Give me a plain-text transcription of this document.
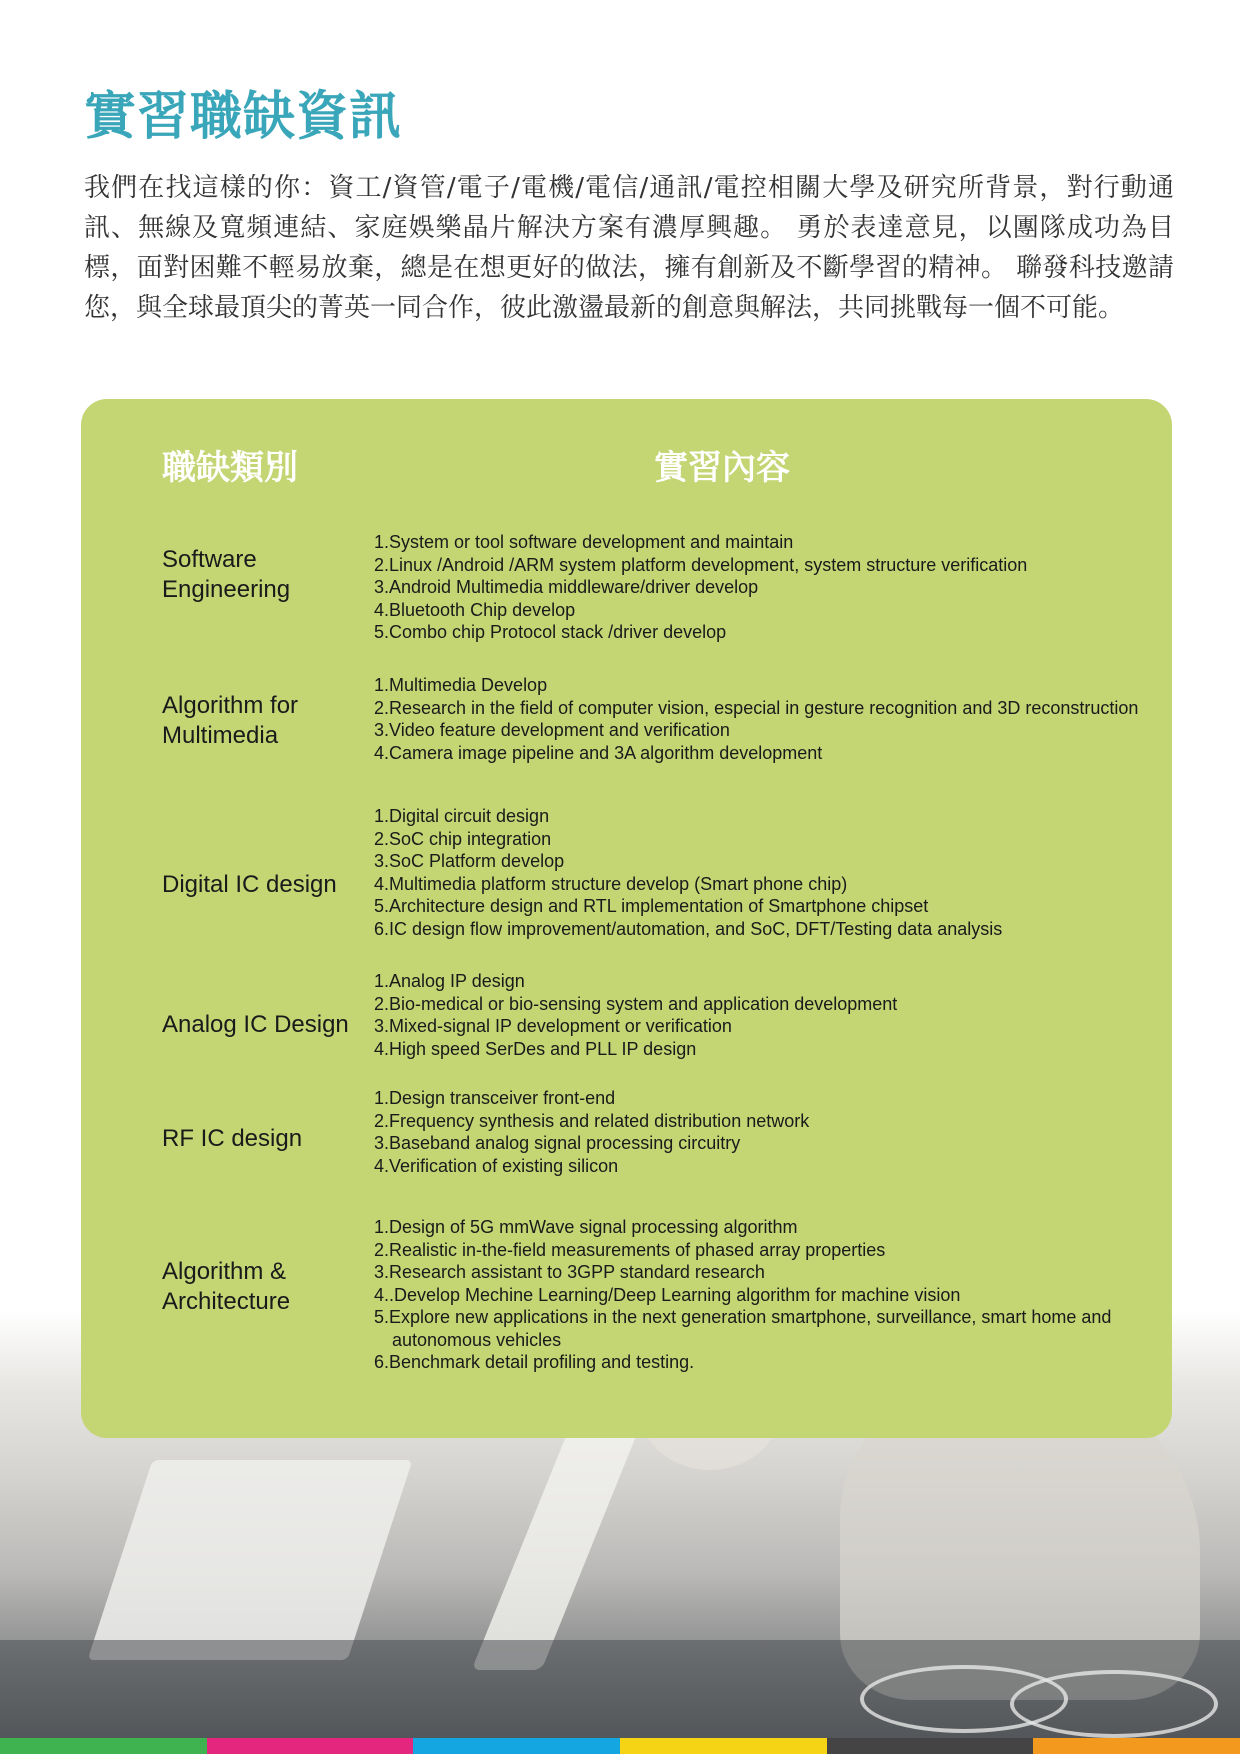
實習職缺資訊

我們在找這樣的你：資工/資管/電子/電機/電信/通訊/電控相關大學及研究所背景，對行動通訊、無線及寬頻連結、家庭娛樂晶片解決方案有濃厚興趣。 勇於表達意見，以團隊成功為目標，面對困難不輕易放棄，總是在想更好的做法，擁有創新及不斷學習的精神。 聯發科技邀請您，與全球最頂尖的菁英一同合作，彼此激盪最新的創意與解法，共同挑戰每一個不可能。

職缺類別	實習內容
Software Engineering
1.System or tool software development and maintain
2.Linux /Android /ARM system platform development, system structure verification
3.Android Multimedia middleware/driver develop
4.Bluetooth Chip develop
5.Combo chip Protocol stack /driver develop
Algorithm for Multimedia
1.Multimedia Develop
2.Research in the field of computer vision, especial in gesture recognition and 3D reconstruction
3.Video feature development and verification
4.Camera image pipeline and 3A algorithm development
Digital IC design
1.Digital circuit design
2.SoC chip integration
3.SoC Platform develop
4.Multimedia platform structure develop (Smart phone chip)
5.Architecture design and RTL implementation of Smartphone chipset
6.IC design flow improvement/automation, and SoC, DFT/Testing data analysis
Analog IC Design
1.Analog IP design
2.Bio-medical or bio-sensing system and application development
3.Mixed-signal IP development or verification
4.High speed SerDes and PLL IP design
RF IC design
1.Design transceiver front-end
2.Frequency synthesis and related distribution network
3.Baseband analog signal processing circuitry
4.Verification of existing silicon
Algorithm & Architecture
1.Design of 5G mmWave signal processing algorithm
2.Realistic in-the-field measurements of phased array properties
3.Research assistant to 3GPP standard research
4..Develop Mechine Learning/Deep Learning algorithm for machine vision
5.Explore new applications in the next generation smartphone, surveillance, smart home and autonomous vehicles
6.Benchmark detail profiling and testing.
